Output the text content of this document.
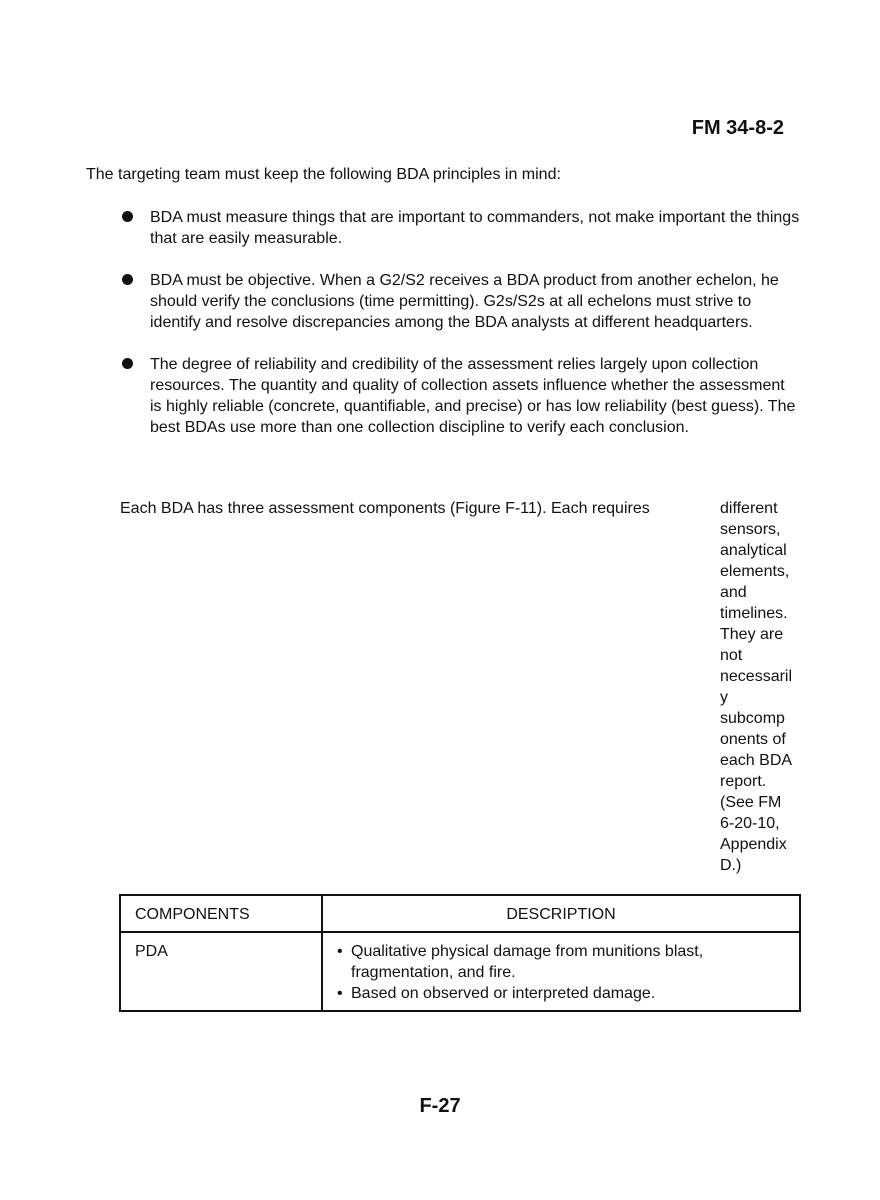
FM 34-8-2
The targeting team must keep the following BDA principles in mind:
BDA must measure things that are important to commanders, not make important the things that are easily measurable.
BDA must be objective. When a G2/S2 receives a BDA product from another echelon, he should verify the conclusions (time permitting). G2s/S2s at all echelons must strive to identify and resolve discrepancies among the BDA analysts at different headquarters.
The degree of reliability and credibility of the assessment relies largely upon collection resources. The quantity and quality of collection assets influence whether the assessment is highly reliable (concrete, quantifiable, and precise) or has low reliability (best guess). The best BDAs use more than one collection discipline to verify each conclusion.
Each BDA has three assessment components (Figure F-11). Each requires	different
sensors,
analytical
elements,
and
timelines.
They are
not
necessaril
y
subcomp
onents of
each BDA
report.
(See FM
6-20-10,
Appendix
D.)
COMPONENTS	DESCRIPTION
PDA	• Qualitative physical damage from munitions blast, fragmentation, and fire.
• Based on observed or interpreted damage.
F-27
